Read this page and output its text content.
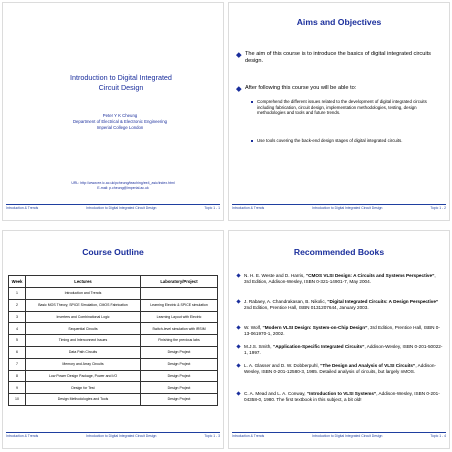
Introduction to Digital Integrated
Circuit Design
Peter Y K Cheung
Department of Electrical & Electronic Engineering
Imperial College London
URL: http://www.ee.ic.ac.uk/pcheung/teaching/ee4_asic/index.html
E-mail: p.cheung@imperial.ac.uk
Introduction & Trends	Introduction to Digital Integrated Circuit Design	Topic 1 - 1
Aims and Objectives
The aim of this course is to introduce the basics of digital integrated circuits design.
After following this course you will be able to:
Comprehend the different issues related to the development of digital integrated circuits including fabrication, circuit design, implementation methodologies, testing, design methodologies and tools and future trends.
Use tools covering the back-end design stages of digital integrated circuits.
Introduction & Trends	Introduction to Digital Integrated Circuit Design	Topic 1 - 2
Course Outline
Week	Lectures	Laboratory/Project
1	Introduction and Trends	
2	Basic MOS Theory, SPICE Simulation, CMOS Fabrication	Learning Electric & SPICE simulation
3	Inverters and Combinational Logic	Learning Layout with Electric
4	Sequential Circuits	Switch-level simulation with IRSIM
5	Timing and Interconnect Issues	Finishing the previous labs
6	Data Path Circuits	Design Project
7	Memory and Array Circuits	Design Project
8	Low Power Design Package, Power and I/O	Design Project
9	Design for Test	Design Project
10	Design Methodologies and Tools	Design Project
Introduction & Trends	Introduction to Digital Integrated Circuit Design	Topic 1 - 3
Recommended Books
N. H. E. Weste and D. Harris, “CMOS VLSI Design: A Circuits and Systems Perspective”, 3rd Edition, Addison-Wesley, ISBN 0-321-14901-7, May 2004.
J. Rabaey, A. Chandrakasan, B. Nikolic, “Digital Integrated Circuits: A Design Perspective” 2nd Edition, Prentice Hall, ISBN 0131207644, January 2003.
W. Wolf, “Modern VLSI Design: System-on-Chip Design”, 3rd Edition, Prentice Hall, ISBN 0-13-061970-1, 2002.
M.J.S. Smith, “Application-Specific Integrated Circuits”, Addison-Wesley, ISBN 0-201-50022-1, 1997.
L. A. Glasser and D. W. Dobberpuhl, “The Design and Analysis of VLSI Circuits”, Addison-Wesley, ISBN 0-201-12580-3, 1985. Detailed analysis of circuits, but largely nMOS.
C. A. Mead and L. A. Conway, “Introduction to VLSI Systems”, Addison-Wesley, ISBN 0-201-04358-0, 1980. The first textbook in this subject, a bit old!
Introduction & Trends	Introduction to Digital Integrated Circuit Design	Topic 1 - 4
